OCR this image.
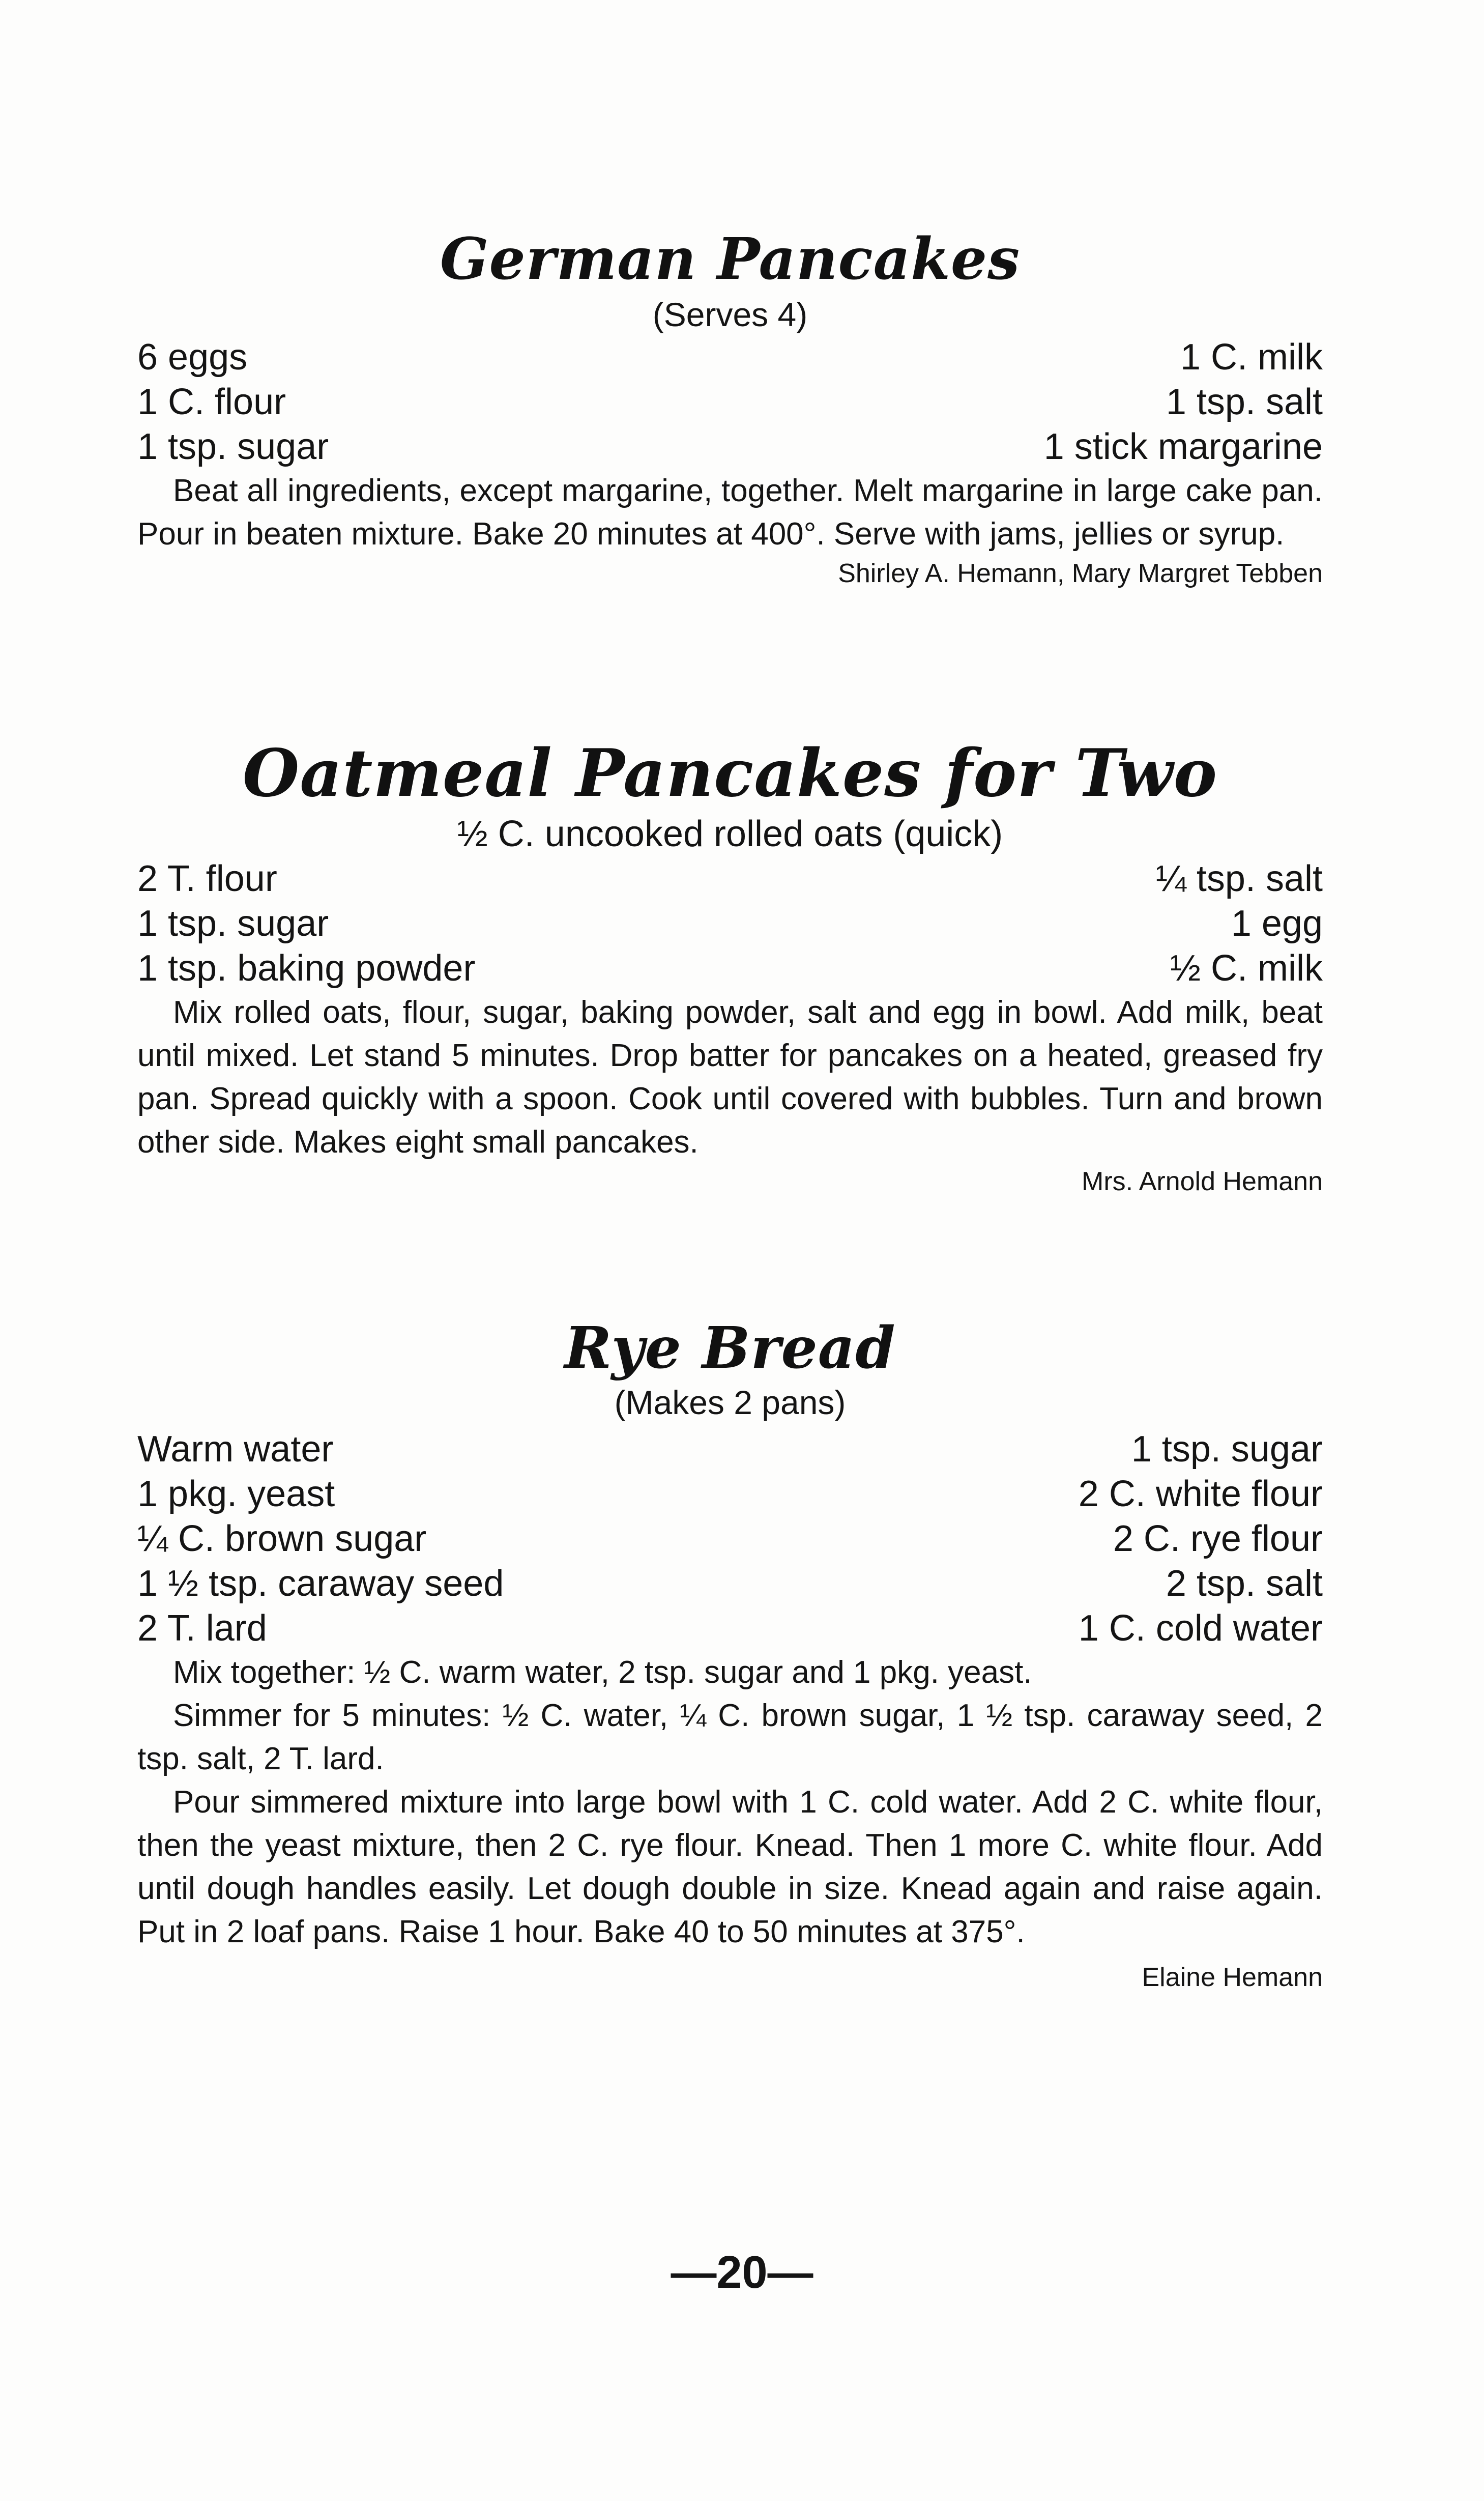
German Pancakes

(Serves 4)

6 eggs	1 C. milk
1 C. flour	1 tsp. salt
1 tsp. sugar	1 stick margarine

Beat all ingredients, except margarine, together. Melt margarine in large cake pan. Pour in beaten mixture. Bake 20 minutes at 400°. Serve with jams, jellies or syrup.

Shirley A. Hemann, Mary Margret Tebben

Oatmeal Pancakes for Two
½ C. uncooked rolled oats (quick)
2 T. flour	¼ tsp. salt
1 tsp. sugar	1 egg
1 tsp. baking powder	½ C. milk

Mix rolled oats, flour, sugar, baking powder, salt and egg in bowl. Add milk, beat until mixed. Let stand 5 minutes. Drop batter for pancakes on a heated, greased fry pan. Spread quickly with a spoon. Cook until covered with bubbles. Turn and brown other side. Makes eight small pancakes.

Mrs. Arnold Hemann

Rye Bread

(Makes 2 pans)

Warm water	1 tsp. sugar
1 pkg. yeast	2 C. white flour
¼ C. brown sugar	2 C. rye flour
1 ½ tsp. caraway seed	2 tsp. salt
2 T. lard	1 C. cold water

Mix together: ½ C. warm water, 2 tsp. sugar and 1 pkg. yeast.

Simmer for 5 minutes: ½ C. water, ¼ C. brown sugar, 1 ½ tsp. caraway seed, 2 tsp. salt, 2 T. lard.

Pour simmered mixture into large bowl with 1 C. cold water. Add 2 C. white flour, then the yeast mixture, then 2 C. rye flour. Knead. Then 1 more C. white flour. Add until dough handles easily. Let dough double in size. Knead again and raise again. Put in 2 loaf pans. Raise 1 hour. Bake 40 to 50 minutes at 375°.

Elaine Hemann

—20—
